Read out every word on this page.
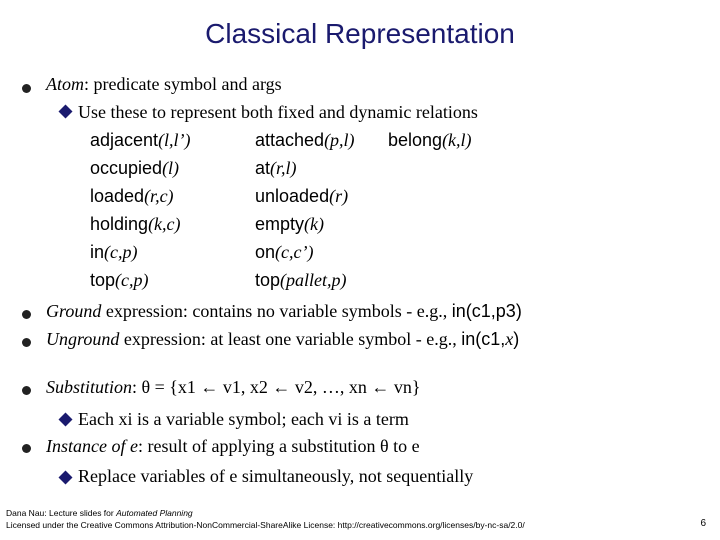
Classical Representation
Atom: predicate symbol and args
Use these to represent both fixed and dynamic relations
adjacent(l,l’)	attached(p,l) belong(k,l)
occupied(l)	at(r,l)
loaded(r,c)	unloaded(r)
holding(k,c)	empty(k)
in(c,p)	on(c,c’)
top(c,p)	top(pallet,p)
Ground expression: contains no variable symbols - e.g., in(c1,p3)
Unground expression: at least one variable symbol - e.g., in(c1,x)
Substitution: θ = {x1 ← v1, x2 ← v2, …, xn ← vn}
Each xi is a variable symbol; each vi is a term
Instance of e: result of applying a substitution θ to e
Replace variables of e simultaneously, not sequentially
Dana Nau: Lecture slides for Automated Planning
Licensed under the Creative Commons Attribution-NonCommercial-ShareAlike License: http://creativecommons.org/licenses/by-nc-sa/2.0/	6
